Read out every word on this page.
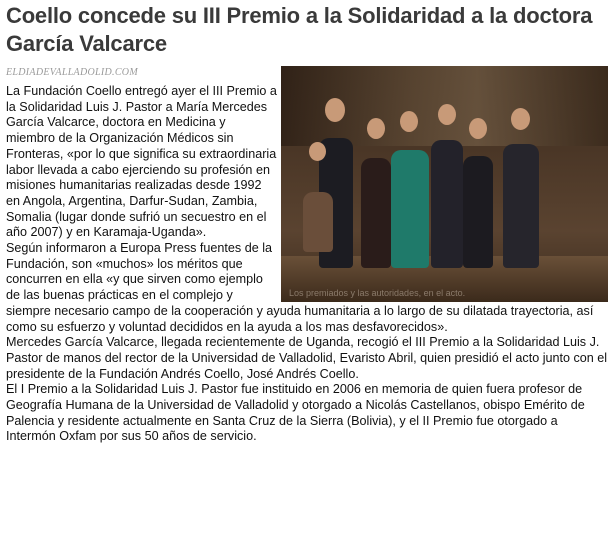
Coello concede su III Premio a la Solidaridad a la doctora García Valcarce
ELDIADEVALLADOLID.COM
Los premiados y las autoridades, en el acto.

La Fundación Coello entregó ayer el III Premio a la Solidaridad Luis J. Pastor a María Mercedes García Valcarce, doctora en Medicina y miembro de la Organización Médicos sin Fronteras, «por lo que significa su extraordinaria labor llevada a cabo ejerciendo su profesión en misiones humanitarias realizadas desde 1992 en Angola, Argentina, Darfur-Sudan, Zambia, Somalia (lugar donde sufrió un secuestro en el año 2007) y en Karamaja-Uganda».

Según informaron a Europa Press fuentes de la Fundación, son «muchos» los méritos que concurren en ella «y que sirven como ejemplo de las buenas prácticas en el complejo y siempre necesario campo de la cooperación y ayuda humanitaria a lo largo de su dilatada trayectoria, así como su esfuerzo y voluntad decididos en la ayuda a los mas desfavorecidos».

Mercedes García Valcarce, llegada recientemente de Uganda, recogió el III Premio a la Solidaridad Luis J. Pastor de manos del rector de la Universidad de Valladolid, Evaristo Abril, quien presidió el acto junto con el presidente de la Fundación Andrés Coello, José Andrés Coello.

El I Premio a la Solidaridad Luis J. Pastor fue instituido en 2006 en memoria de quien fuera profesor de Geografía Humana de la Universidad de Valladolid y otorgado a Nicolás Castellanos, obispo Emérito de Palencia y residente actualmente en Santa Cruz de la Sierra (Bolivia), y el II Premio fue otorgado a Intermón Oxfam por sus 50 años de servicio.
